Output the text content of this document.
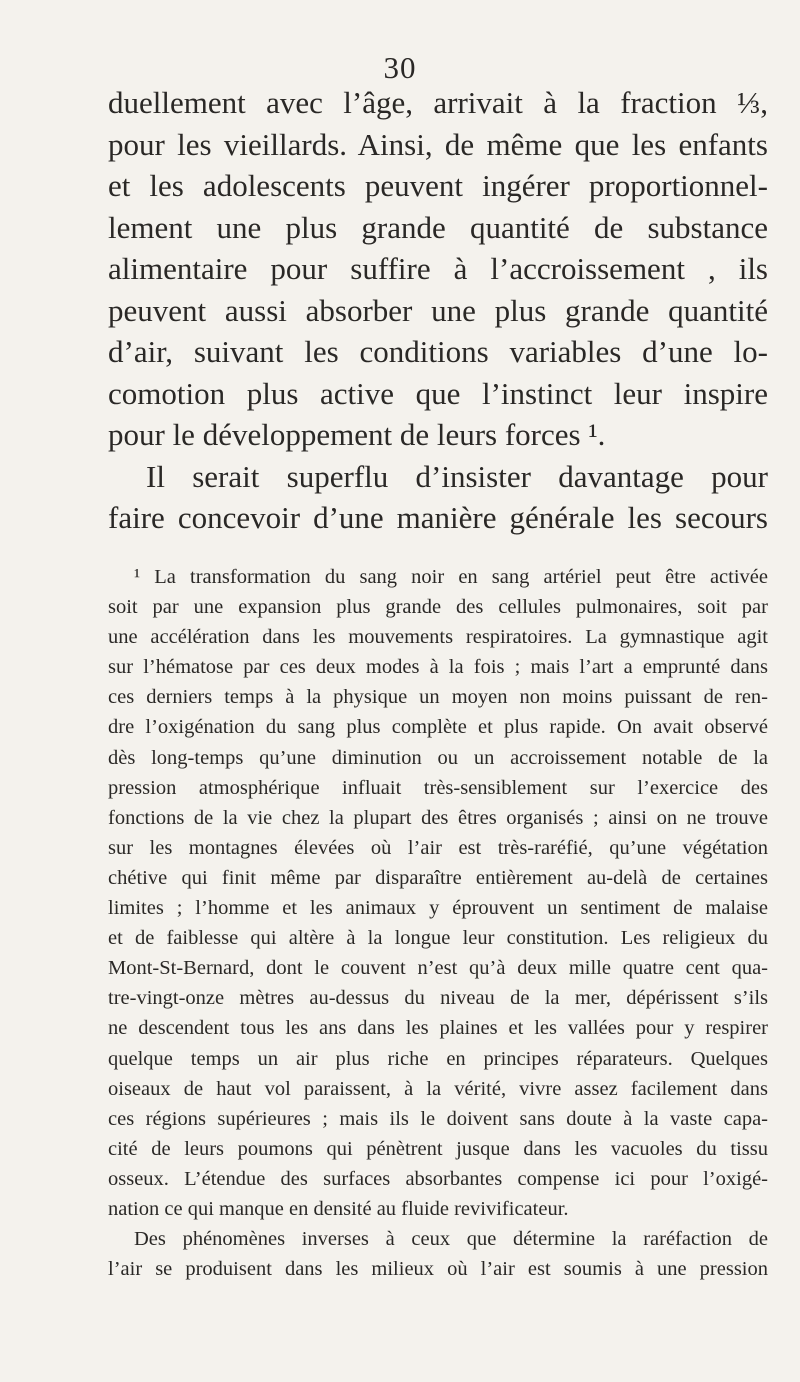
30
duellement avec l’âge, arrivait à la fraction ⅓,
pour les vieillards. Ainsi, de même que les enfants
et les adolescents peuvent ingérer proportionnel-
lement une plus grande quantité de substance
alimentaire pour suffire à l’accroissement , ils
peuvent aussi absorber une plus grande quantité
d’air, suivant les conditions variables d’une lo-
comotion plus active que l’instinct leur inspire
pour le développement de leurs forces ¹.
Il serait superflu d’insister davantage pour
faire concevoir d’une manière générale les secours
¹ La transformation du sang noir en sang artériel peut être activée
soit par une expansion plus grande des cellules pulmonaires, soit par
une accélération dans les mouvements respiratoires. La gymnastique agit
sur l’hématose par ces deux modes à la fois ; mais l’art a emprunté dans
ces derniers temps à la physique un moyen non moins puissant de ren-
dre l’oxigénation du sang plus complète et plus rapide. On avait observé
dès long-temps qu’une diminution ou un accroissement notable de la
pression atmosphérique influait très-sensiblement sur l’exercice des
fonctions de la vie chez la plupart des êtres organisés ; ainsi on ne trouve
sur les montagnes élevées où l’air est très-raréfié, qu’une végétation
chétive qui finit même par disparaître entièrement au-delà de certaines
limites ; l’homme et les animaux y éprouvent un sentiment de malaise
et de faiblesse qui altère à la longue leur constitution. Les religieux du
Mont-St-Bernard, dont le couvent n’est qu’à deux mille quatre cent qua-
tre-vingt-onze mètres au-dessus du niveau de la mer, dépérissent s’ils
ne descendent tous les ans dans les plaines et les vallées pour y respirer
quelque temps un air plus riche en principes réparateurs. Quelques
oiseaux de haut vol paraissent, à la vérité, vivre assez facilement dans
ces régions supérieures ; mais ils le doivent sans doute à la vaste capa-
cité de leurs poumons qui pénètrent jusque dans les vacuoles du tissu
osseux. L’étendue des surfaces absorbantes compense ici pour l’oxigé-
nation ce qui manque en densité au fluide revivificateur.
Des phénomènes inverses à ceux que détermine la raréfaction de
l’air se produisent dans les milieux où l’air est soumis à une pression
